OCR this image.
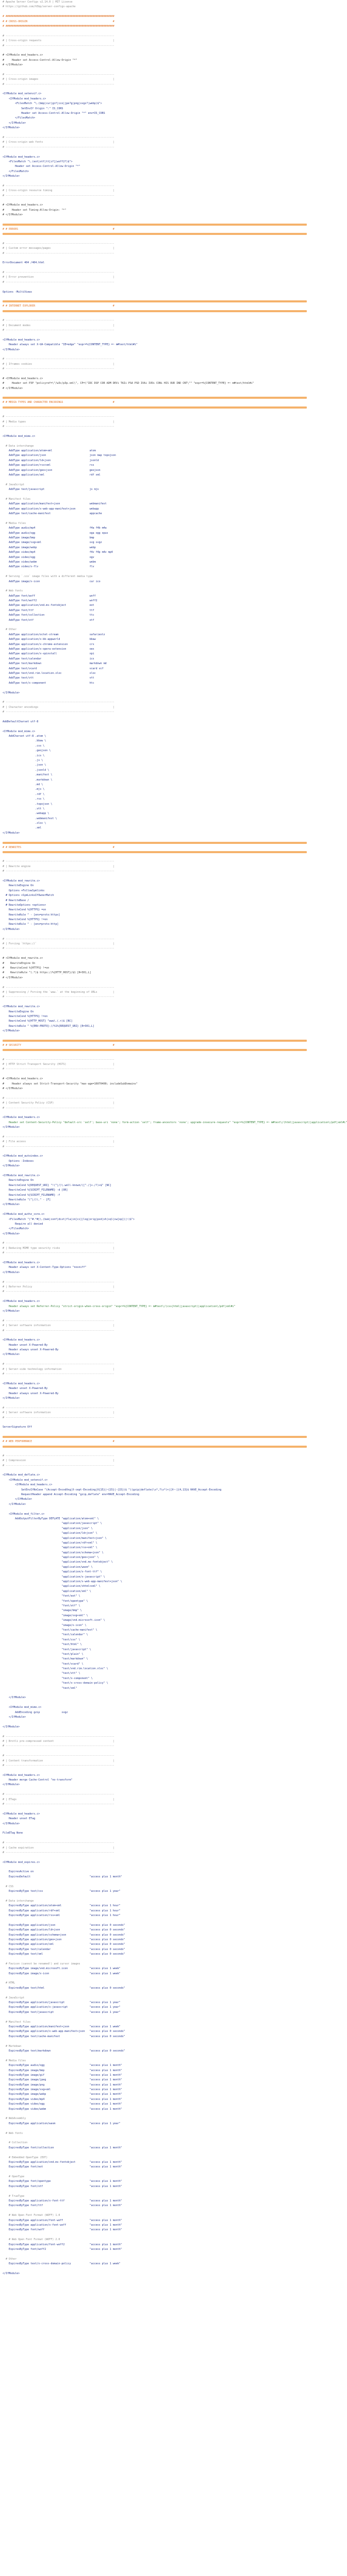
# Apache Server Configs v2.14.0 | MIT License
# https://github.com/h5bp/server-configs-apache
# ######################################################################
# # CROSS-ORIGIN                                                       #
# ######################################################################
# ----------------------------------------------------------------------
# | Cross-origin requests                                              |
# ----------------------------------------------------------------------
# <IfModule mod_headers.c>
#     Header set Access-Control-Allow-Origin "*"
# </IfModule>
# ----------------------------------------------------------------------
# | Cross-origin images                                                |
# ----------------------------------------------------------------------
<IfModule mod_setenvif.c>
<IfModule mod_headers.c>
<FilesMatch "\.(bmp|cur|gif|ico|jpe?g|png|svgz?|webp)$">
SetEnvIf Origin ":" IS_CORS
Header set Access-Control-Allow-Origin "*" env=IS_CORS
</FilesMatch>
</IfModule>
</IfModule>
# ----------------------------------------------------------------------
# | Cross-origin web fonts                                             |
# ----------------------------------------------------------------------
<IfModule mod_headers.c>
<FilesMatch "\.(eot|otf|tt[cf]|woff2?)$">
Header set Access-Control-Allow-Origin "*"
</FilesMatch>
</IfModule>
# ----------------------------------------------------------------------
# | Cross-origin resource timing                                       |
# ----------------------------------------------------------------------
# <IfModule mod_headers.c>
#     Header set Timing-Allow-Origin: "*"
# </IfModule>
# # ERRORS                                                             #
# ----------------------------------------------------------------------
# | Custom error messages/pages                                        |
# ----------------------------------------------------------------------
ErrorDocument 404 /404.html
# ----------------------------------------------------------------------
# | Error prevention                                                   |
# ----------------------------------------------------------------------
Options -MultiViews
# # INTERNET EXPLORER                                                  #
# ----------------------------------------------------------------------
# | Document modes                                                     |
# ----------------------------------------------------------------------
<IfModule mod_headers.c>
Header always set X-UA-Compatible "IE=edge" "expr=%{CONTENT_TYPE} =~ m#text/html#i"
</IfModule>
# ----------------------------------------------------------------------
# | Iframes cookies                                                    |
# ----------------------------------------------------------------------
# <IfModule mod_headers.c>
#     Header set P3P "policyref=\"/w3c/p3p.xml\", CP=\"IDC DSP COR ADM DEVi TAIi PSA PSD IVAi IVDi CONi HIS OUR IND CNT\"" "expr=%{CONTENT_TYPE} =~ m#text/html#i"
# </IfModule>
# # MEDIA TYPES AND CHARACTER ENCODINGS                                #
# ----------------------------------------------------------------------
# | Media types                                                        |
# ----------------------------------------------------------------------
<IfModule mod_mime.c>
# Data interchange
AddType application/atom+xml                        atom
AddType application/json                            json map topojson
AddType application/ld+json                         jsonld
AddType application/rss+xml                         rss
AddType application/geo+json                        geojson
AddType application/xml                             rdf xml
# JavaScript
AddType text/javascript                             js mjs
# Manifest files
AddType application/manifest+json                   webmanifest
AddType application/x-web-app-manifest+json         webapp
AddType text/cache-manifest                         appcache
# Media files
AddType audio/mp4                                   f4a f4b m4a
AddType audio/ogg                                   oga ogg opus
AddType image/bmp                                   bmp
AddType image/svg+xml                               svg svgz
AddType image/webp                                  webp
AddType video/mp4                                   f4v f4p m4v mp4
AddType video/ogg                                   ogv
AddType video/webm                                  webm
AddType video/x-flv                                 flv
# Serving `.ico` image files with a different media type
AddType image/x-icon                                cur ico
# Web fonts
AddType font/woff                                   woff
AddType font/woff2                                  woff2
AddType application/vnd.ms-fontobject               eot
AddType font/ttf                                    ttf
AddType font/collection                             ttc
AddType font/otf                                    otf
# Other
AddType application/octet-stream                    safariextz
AddType application/x-bb-appworld                   bbaw
AddType application/x-chrome-extension              crx
AddType application/x-opera-extension               oex
AddType application/x-xpinstall                     xpi
AddType text/calendar                               ics
AddType text/markdown                               markdown md
AddType text/vcard                                  vcard vcf
AddType text/vnd.rim.location.xloc                  xloc
AddType text/vtt                                    vtt
AddType text/x-component                            htc
</IfModule>
# ----------------------------------------------------------------------
# | Character encodings                                                |
# ----------------------------------------------------------------------
AddDefaultCharset utf-8
<IfModule mod_mime.c>
AddCharset utf-8 .atom \
.bbaw \
.css \
.geojson \
.ics \
.js \
.json \
.jsonld \
.manifest \
.markdown \
.md \
.mjs \
.rdf \
.rss \
.topojson \
.vtt \
.webapp \
.webmanifest \
.xloc \
.xml
</IfModule>
# # REWRITES                                                           #
# ----------------------------------------------------------------------
# | Rewrite engine                                                     |
# ----------------------------------------------------------------------
<IfModule mod_rewrite.c>
RewriteEngine On
Options +FollowSymlinks
# Options +SymLinksIfOwnerMatch
# RewriteBase /
# RewriteOptions <options>
RewriteCond %{HTTPS} =on
RewriteRule ^ - [env=proto:https]
RewriteCond %{HTTPS} !=on
RewriteRule ^ - [env=proto:http]
</IfModule>
# ----------------------------------------------------------------------
# | Forcing `https://`                                                 |
# ----------------------------------------------------------------------
# <IfModule mod_rewrite.c>
#    RewriteEngine On
#    RewriteCond %{HTTPS} !=on
#    RewriteRule ^(.*)$ https://%{HTTP_HOST}/$1 [R=301,L]
# </IfModule>
# ----------------------------------------------------------------------
# | Suppressing / Forcing the `www.` at the beginning of URLs          |
# ----------------------------------------------------------------------
<IfModule mod_rewrite.c>
RewriteEngine On
RewriteCond %{HTTPS} !=on
RewriteCond %{HTTP_HOST} ^www\.(.+)$ [NC]
RewriteRule ^ %{ENV:PROTO}://%1%{REQUEST_URI} [R=301,L]
</IfModule>
# # SECURITY                                                           #
# ----------------------------------------------------------------------
# | HTTP Strict Transport Security (HSTS)                              |
# ----------------------------------------------------------------------
# <IfModule mod_headers.c>
#     Header always set Strict-Transport-Security "max-age=16070400; includeSubDomains"
# </IfModule>
# ----------------------------------------------------------------------
# | Content Security Policy (CSP)                                      |
# ----------------------------------------------------------------------
<IfModule mod_headers.c>
Header set Content-Security-Policy "default-src 'self'; base-uri 'none'; form-action 'self'; frame-ancestors 'none'; upgrade-insecure-requests" "expr=%{CONTENT_TYPE} =~ m#text\/(html|javascript)|application\/pdf|xml#i"
</IfModule>
# ----------------------------------------------------------------------
# | File access                                                        |
# ----------------------------------------------------------------------
<IfModule mod_autoindex.c>
Options -Indexes
</IfModule>
<IfModule mod_rewrite.c>
RewriteEngine On
RewriteCond %{REQUEST_URI} "!(^|/)\.well-known/([^./]+./?)+$" [NC]
RewriteCond %{SCRIPT_FILENAME} -d [OR]
RewriteCond %{SCRIPT_FILENAME} -f
RewriteRule "(^|/)\." - [F]
</IfModule>
<IfModule mod_authz_core.c>
<FilesMatch "(^#.*#|\.(bak|conf|dist|fla|in[ci]|log|orig|psd|sh|sql|sw[op])|~)$">
Require all denied
</FilesMatch>
</IfModule>
# ----------------------------------------------------------------------
# | Reducing MIME type security risks                                  |
# ----------------------------------------------------------------------
<IfModule mod_headers.c>
Header always set X-Content-Type-Options "nosniff"
</IfModule>
# ----------------------------------------------------------------------
# | Referrer Policy                                                    |
# ----------------------------------------------------------------------
<IfModule mod_headers.c>
Header always set Referrer-Policy "strict-origin-when-cross-origin" "expr=%{CONTENT_TYPE} =~ m#text\/(css|html|javascript)|application\/pdf|xml#i"
</IfModule>
# ----------------------------------------------------------------------
# | Server software information                                        |
# ----------------------------------------------------------------------
<IfModule mod_headers.c>
Header unset X-Powered-By
Header always unset X-Powered-By
</IfModule>
# ----------------------------------------------------------------------
# | Server-side technology information                                 |
# ----------------------------------------------------------------------
<IfModule mod_headers.c>
Header unset X-Powered-By
Header always unset X-Powered-By
</IfModule>
# ----------------------------------------------------------------------
# | Server software information                                        |
# ----------------------------------------------------------------------
ServerSignature Off
# # WEB PERFORMANCE                                                    #
# ----------------------------------------------------------------------
# | Compression                                                        |
# ----------------------------------------------------------------------
<IfModule mod_deflate.c>
<IfModule mod_setenvif.c>
<IfModule mod_headers.c>
SetEnvIfNoCase ^(Accept-EncodXng|X-cept-Encoding|X{15}|~{15}|-{15})$ ^((gzip|deflate)\s*,?\s*)+|[X~-]{4,13}$ HAVE_Accept-Encoding
RequestHeader append Accept-Encoding "gzip,deflate" env=HAVE_Accept-Encoding
</IfModule>
</IfModule>
<IfModule mod_filter.c>
AddOutputFilterByType DEFLATE "application/atom+xml" \
"application/javascript" \
"application/json" \
"application/ld+json" \
"application/manifest+json" \
"application/rdf+xml" \
"application/rss+xml" \
"application/schema+json" \
"application/geo+json" \
"application/vnd.ms-fontobject" \
"application/wasm" \
"application/x-font-ttf" \
"application/x-javascript" \
"application/x-web-app-manifest+json" \
"application/xhtml+xml" \
"application/xml" \
"font/eot" \
"font/opentype" \
"font/otf" \
"image/bmp" \
"image/svg+xml" \
"image/vnd.microsoft.icon" \
"image/x-icon" \
"text/cache-manifest" \
"text/calendar" \
"text/css" \
"text/html" \
"text/javascript" \
"text/plain" \
"text/markdown" \
"text/vcard" \
"text/vnd.rim.location.xloc" \
"text/vtt" \
"text/x-component" \
"text/x-cross-domain-policy" \
"text/xml"
</IfModule>
<IfModule mod_mime.c>
AddEncoding gzip              svgz
</IfModule>
</IfModule>
# ----------------------------------------------------------------------
# | Brotli pre-compressed content                                      |
# ----------------------------------------------------------------------
# ----------------------------------------------------------------------
# | Content transformation                                             |
# ----------------------------------------------------------------------
<IfModule mod_headers.c>
Header merge Cache-Control "no-transform"
</IfModule>
# ----------------------------------------------------------------------
# | ETags                                                              |
# ----------------------------------------------------------------------
<IfModule mod_headers.c>
Header unset ETag
</IfModule>
FileETag None
# ----------------------------------------------------------------------
# | Cache expiration                                                   |
# ----------------------------------------------------------------------
<IfModule mod_expires.c>
ExpiresActive on
ExpiresDefault                                      "access plus 1 month"
# CSS
ExpiresByType text/css                              "access plus 1 year"
# Data interchange
ExpiresByType application/atom+xml                  "access plus 1 hour"
ExpiresByType application/rdf+xml                   "access plus 1 hour"
ExpiresByType application/rss+xml                   "access plus 1 hour"
ExpiresByType application/json                      "access plus 0 seconds"
ExpiresByType application/ld+json                   "access plus 0 seconds"
ExpiresByType application/schema+json               "access plus 0 seconds"
ExpiresByType application/geo+json                  "access plus 0 seconds"
ExpiresByType application/xml                       "access plus 0 seconds"
ExpiresByType text/calendar                         "access plus 0 seconds"
ExpiresByType text/xml                              "access plus 0 seconds"
# Favicon (cannot be renamed!) and cursor images
ExpiresByType image/vnd.microsoft.icon              "access plus 1 week"
ExpiresByType image/x-icon                          "access plus 1 week"
# HTML
ExpiresByType text/html                             "access plus 0 seconds"
# JavaScript
ExpiresByType application/javascript                "access plus 1 year"
ExpiresByType application/x-javascript              "access plus 1 year"
ExpiresByType text/javascript                       "access plus 1 year"
# Manifest files
ExpiresByType application/manifest+json             "access plus 1 week"
ExpiresByType application/x-web-app-manifest+json   "access plus 0 seconds"
ExpiresByType text/cache-manifest                   "access plus 0 seconds"
# Markdown
ExpiresByType text/markdown                         "access plus 0 seconds"
# Media files
ExpiresByType audio/ogg                             "access plus 1 month"
ExpiresByType image/bmp                             "access plus 1 month"
ExpiresByType image/gif                             "access plus 1 month"
ExpiresByType image/jpeg                            "access plus 1 month"
ExpiresByType image/png                             "access plus 1 month"
ExpiresByType image/svg+xml                         "access plus 1 month"
ExpiresByType image/webp                            "access plus 1 month"
ExpiresByType video/mp4                             "access plus 1 month"
ExpiresByType video/ogg                             "access plus 1 month"
ExpiresByType video/webm                            "access plus 1 month"
# WebAssembly
ExpiresByType application/wasm                      "access plus 1 year"
# Web fonts
# Collection
ExpiresByType font/collection                       "access plus 1 month"
# Embedded OpenType (EOT)
ExpiresByType application/vnd.ms-fontobject         "access plus 1 month"
ExpiresByType font/eot                              "access plus 1 month"
# OpenType
ExpiresByType font/opentype                         "access plus 1 month"
ExpiresByType font/otf                              "access plus 1 month"
# TrueType
ExpiresByType application/x-font-ttf                "access plus 1 month"
ExpiresByType font/ttf                              "access plus 1 month"
# Web Open Font Format (WOFF) 1.0
ExpiresByType application/font-woff                 "access plus 1 month"
ExpiresByType application/x-font-woff               "access plus 1 month"
ExpiresByType font/woff                             "access plus 1 month"
# Web Open Font Format (WOFF) 2.0
ExpiresByType application/font-woff2                "access plus 1 month"
ExpiresByType font/woff2                            "access plus 1 month"
# Other
ExpiresByType text/x-cross-domain-policy            "access plus 1 week"
</IfModule>
